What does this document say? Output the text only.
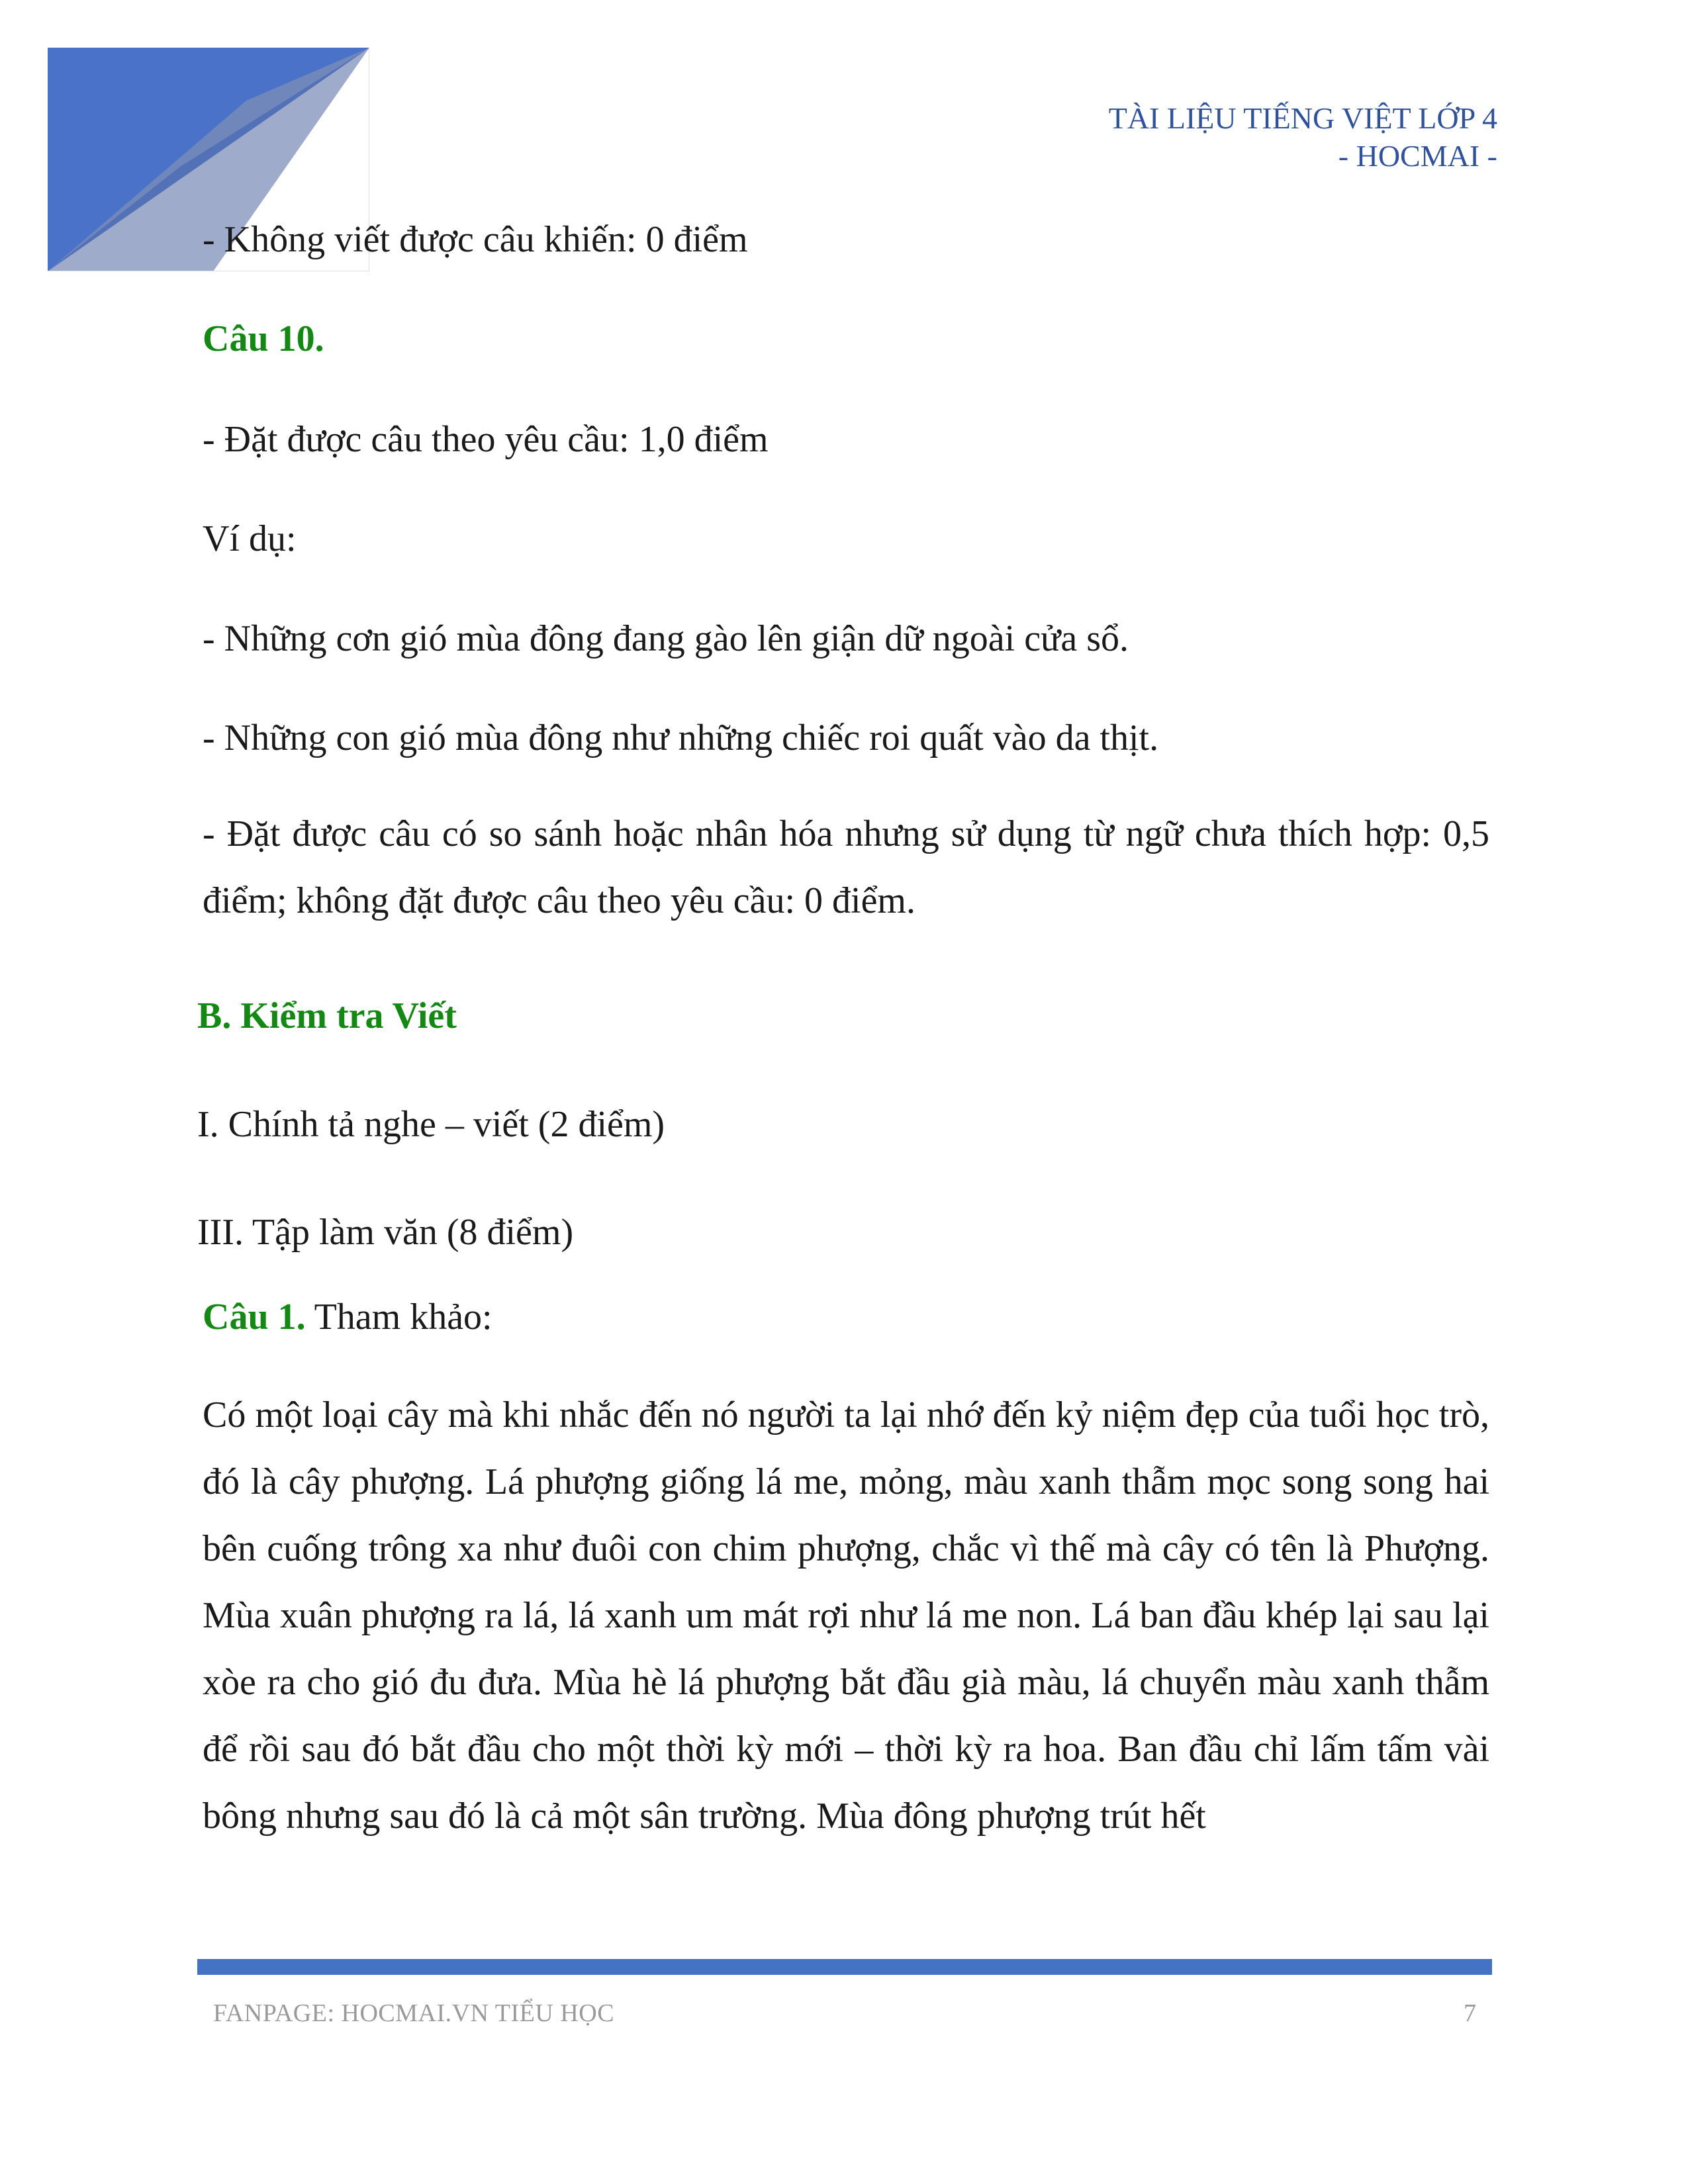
TÀI LIỆU TIẾNG VIỆT LỚP 4
- HOCMAI -
- Không viết được câu khiến: 0 điểm
Câu 10.
- Đặt được câu theo yêu cầu: 1,0 điểm
Ví dụ:
- Những cơn gió mùa đông đang gào lên giận dữ ngoài cửa sổ.
- Những con gió mùa đông như những chiếc roi quất vào da thịt.
- Đặt được câu có so sánh hoặc nhân hóa nhưng sử dụng từ ngữ chưa thích hợp: 0,5 điểm; không đặt được câu theo yêu cầu: 0 điểm.
B. Kiểm tra Viết
I. Chính tả nghe – viết (2 điểm)
III. Tập làm văn (8 điểm)
Câu 1. Tham khảo:
Có một loại cây mà khi nhắc đến nó người ta lại nhớ đến kỷ niệm đẹp của tuổi học trò, đó là cây phượng. Lá phượng giống lá me, mỏng, màu xanh thẫm mọc song song hai bên cuống trông xa như đuôi con chim phượng, chắc vì thế mà cây có tên là Phượng. Mùa xuân phượng ra lá, lá xanh um mát rợi như lá me non. Lá ban đầu khép lại sau lại xòe ra cho gió đu đưa. Mùa hè lá phượng bắt đầu già màu, lá chuyển màu xanh thẫm để rồi sau đó bắt đầu cho một thời kỳ mới – thời kỳ ra hoa. Ban đầu chỉ lấm tấm vài bông nhưng sau đó là cả một sân trường. Mùa đông phượng trút hết
FANPAGE: HOCMAI.VN TIỂU HỌC	7
